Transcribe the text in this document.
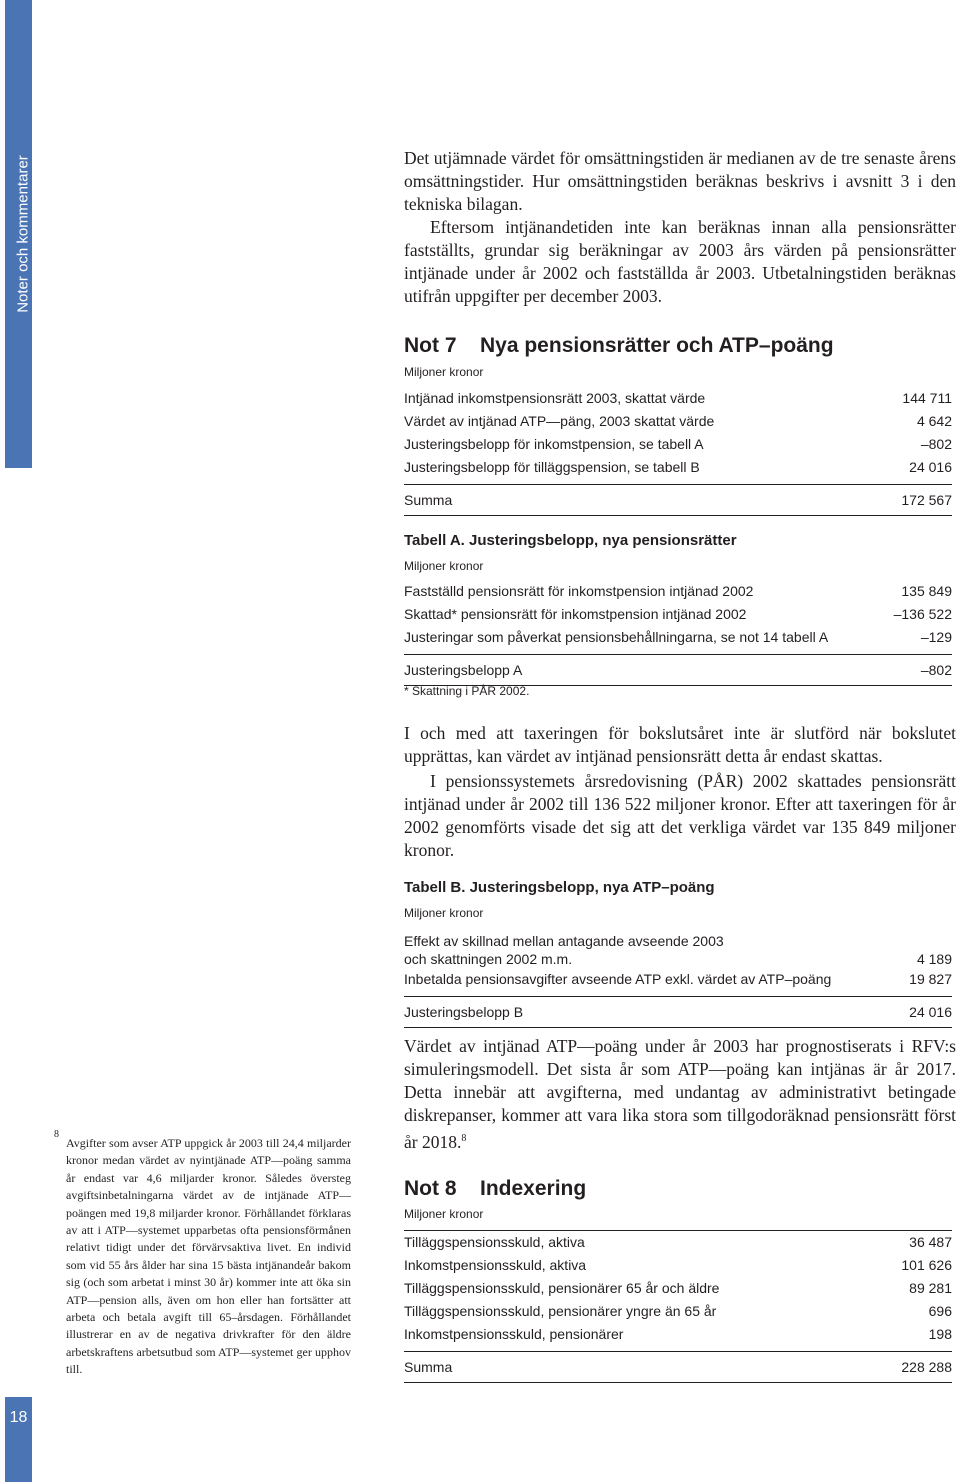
Noter och kommentarer
18

Det utjämnade värdet för omsättningstiden är medianen av de tre senaste årens omsättningstider. Hur omsättningstiden beräknas beskrivs i avsnitt 3 i den tekniska bilagan.

Eftersom intjänandetiden inte kan beräknas innan alla pensionsrätter fastställts, grundar sig beräkningar av 2003 års värden på pensionsrätter intjänade under år 2002 och fastställda år 2003. Utbetalningstiden beräknas utifrån uppgifter per december 2003.

Not 7 Nya pensionsrätter och ATP–poäng
Miljoner kronor
Intjänad inkomstpensionsrätt 2003, skattat värde	144 711
Värdet av intjänad ATP—päng, 2003 skattat värde	4 642
Justeringsbelopp för inkomstpension, se tabell A	–802
Justeringsbelopp för tilläggspension, se tabell B	24 016
Summa	172 567
Tabell A. Justeringsbelopp, nya pensionsrätter
Miljoner kronor
Fastställd pensionsrätt för inkomstpension intjänad 2002	135 849
Skattad* pensionsrätt för inkomstpension intjänad 2002	–136 522
Justeringar som påverkat pensionsbehållningarna, se not 14 tabell A	–129
Justeringsbelopp A	–802
* Skattning i PÅR 2002.

I och med att taxeringen för bokslutsåret inte är slutförd när bokslutet upprättas, kan värdet av intjänad pensionsrätt detta år endast skattas.

I pensionssystemets årsredovisning (PÅR) 2002 skattades pensionsrätt intjänad under år 2002 till 136 522 miljoner kronor. Efter att taxeringen för år 2002 genomförts visade det sig att det verkliga värdet var 135 849 miljoner kronor.

Tabell B. Justeringsbelopp, nya ATP–poäng
Miljoner kronor
Effekt av skillnad mellan antagande avseende 2003 och skattningen 2002 m.m.	4 189
Inbetalda pensionsavgifter avseende ATP exkl. värdet av ATP–poäng	19 827
Justeringsbelopp B	24 016

Värdet av intjänad ATP—poäng under år 2003 har prognostiserats i RFV:s simuleringsmodell. Det sista år som ATP—poäng kan intjänas är år 2017. Detta innebär att avgifterna, med undantag av administrativt betingade diskrepanser, kommer att vara lika stora som tillgodoräknad pensionsrätt först år 2018.$^8$

Not 8 Indexering
Miljoner kronor
Tilläggspensionsskuld, aktiva	36 487
Inkomstpensionsskuld, aktiva	101 626
Tilläggspensionsskuld, pensionärer 65 år och äldre	89 281
Tilläggspensionsskuld, pensionärer yngre än 65 år	696
Inkomstpensionsskuld, pensionärer	198
Summa	228 288
8
Avgifter som avser ATP uppgick år 2003 till 24,4 miljarder kronor medan värdet av nyintjänade ATP—poäng samma år endast var 4,6 miljarder kronor. Således översteg avgiftsinbetalningarna värdet av de intjänade ATP—poängen med 19,8 miljarder kronor. Förhållandet förklaras av att i ATP—systemet upparbetas ofta pensionsförmånen relativt tidigt under det förvärvsaktiva livet. En individ som vid 55 års ålder har sina 15 bästa intjänandeår bakom sig (och som arbetat i minst 30 år) kommer inte att öka sin ATP—pension alls, även om hon eller han fortsätter att arbeta och betala avgift till 65–årsdagen. Förhållandet illustrerar en av de negativa drivkrafter för den äldre arbetskraftens arbetsutbud som ATP—systemet ger upphov till.
